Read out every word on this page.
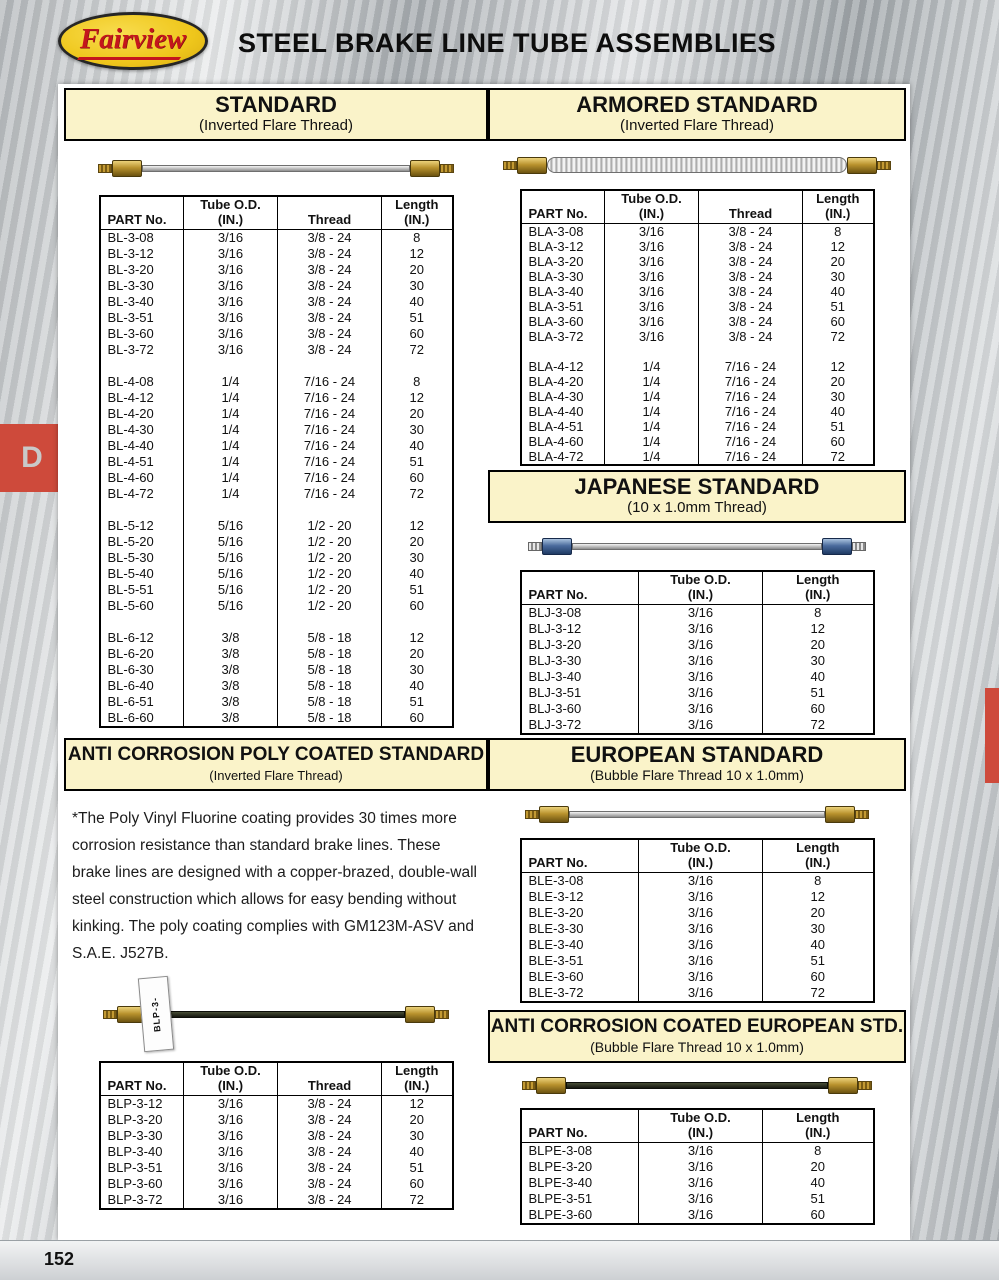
Fairview STEEL BRAKE LINE TUBE ASSEMBLIES
D
STANDARD
(Inverted Flare Thread)
PART No.	Tube O.D.
(IN.)	Thread	Length
(IN.)

BL-3-08	3/16	3/8 - 24	8
BL-3-12	3/16	3/8 - 24	12
BL-3-20	3/16	3/8 - 24	20
BL-3-30	3/16	3/8 - 24	30
BL-3-40	3/16	3/8 - 24	40
BL-3-51	3/16	3/8 - 24	51
BL-3-60	3/16	3/8 - 24	60
BL-3-72	3/16	3/8 - 24	72

BL-4-08	1/4	7/16 - 24	8
BL-4-12	1/4	7/16 - 24	12
BL-4-20	1/4	7/16 - 24	20
BL-4-30	1/4	7/16 - 24	30
BL-4-40	1/4	7/16 - 24	40
BL-4-51	1/4	7/16 - 24	51
BL-4-60	1/4	7/16 - 24	60
BL-4-72	1/4	7/16 - 24	72

BL-5-12	5/16	1/2 - 20	12
BL-5-20	5/16	1/2 - 20	20
BL-5-30	5/16	1/2 - 20	30
BL-5-40	5/16	1/2 - 20	40
BL-5-51	5/16	1/2 - 20	51
BL-5-60	5/16	1/2 - 20	60

BL-6-12	3/8	5/8 - 18	12
BL-6-20	3/8	5/8 - 18	20
BL-6-30	3/8	5/8 - 18	30
BL-6-40	3/8	5/8 - 18	40
BL-6-51	3/8	5/8 - 18	51
BL-6-60	3/8	5/8 - 18	60
ANTI CORROSION POLY COATED STANDARD
(Inverted Flare Thread)

*The Poly Vinyl Fluorine coating provides 30 times more corrosion resistance than standard brake lines. These brake lines are designed with a copper-brazed, double-wall steel construction which allows for easy bending without kinking. The poly coating complies with GM123M-ASV and S.A.E. J527B.

BLP-3-
PART No.	Tube O.D.
(IN.)	Thread	Length
(IN.)

BLP-3-12	3/16	3/8 - 24	12
BLP-3-20	3/16	3/8 - 24	20
BLP-3-30	3/16	3/8 - 24	30
BLP-3-40	3/16	3/8 - 24	40
BLP-3-51	3/16	3/8 - 24	51
BLP-3-60	3/16	3/8 - 24	60
BLP-3-72	3/16	3/8 - 24	72
ARMORED STANDARD
(Inverted Flare Thread)
PART No.	Tube O.D.
(IN.)	Thread	Length
(IN.)

BLA-3-08	3/16	3/8 - 24	8
BLA-3-12	3/16	3/8 - 24	12
BLA-3-20	3/16	3/8 - 24	20
BLA-3-30	3/16	3/8 - 24	30
BLA-3-40	3/16	3/8 - 24	40
BLA-3-51	3/16	3/8 - 24	51
BLA-3-60	3/16	3/8 - 24	60
BLA-3-72	3/16	3/8 - 24	72

BLA-4-12	1/4	7/16 - 24	12
BLA-4-20	1/4	7/16 - 24	20
BLA-4-30	1/4	7/16 - 24	30
BLA-4-40	1/4	7/16 - 24	40
BLA-4-51	1/4	7/16 - 24	51
BLA-4-60	1/4	7/16 - 24	60
BLA-4-72	1/4	7/16 - 24	72
JAPANESE STANDARD
(10 x 1.0mm Thread)
PART No.	Tube O.D.
(IN.)	Length
(IN.)

BLJ-3-08	3/16	8
BLJ-3-12	3/16	12
BLJ-3-20	3/16	20
BLJ-3-30	3/16	30
BLJ-3-40	3/16	40
BLJ-3-51	3/16	51
BLJ-3-60	3/16	60
BLJ-3-72	3/16	72
EUROPEAN STANDARD
(Bubble Flare Thread 10 x 1.0mm)
PART No.	Tube O.D.
(IN.)	Length
(IN.)

BLE-3-08	3/16	8
BLE-3-12	3/16	12
BLE-3-20	3/16	20
BLE-3-30	3/16	30
BLE-3-40	3/16	40
BLE-3-51	3/16	51
BLE-3-60	3/16	60
BLE-3-72	3/16	72
ANTI CORROSION COATED EUROPEAN STD.
(Bubble Flare Thread 10 x 1.0mm)
PART No.	Tube O.D.
(IN.)	Length
(IN.)

BLPE-3-08	3/16	8
BLPE-3-20	3/16	20
BLPE-3-40	3/16	40
BLPE-3-51	3/16	51
BLPE-3-60	3/16	60
152
